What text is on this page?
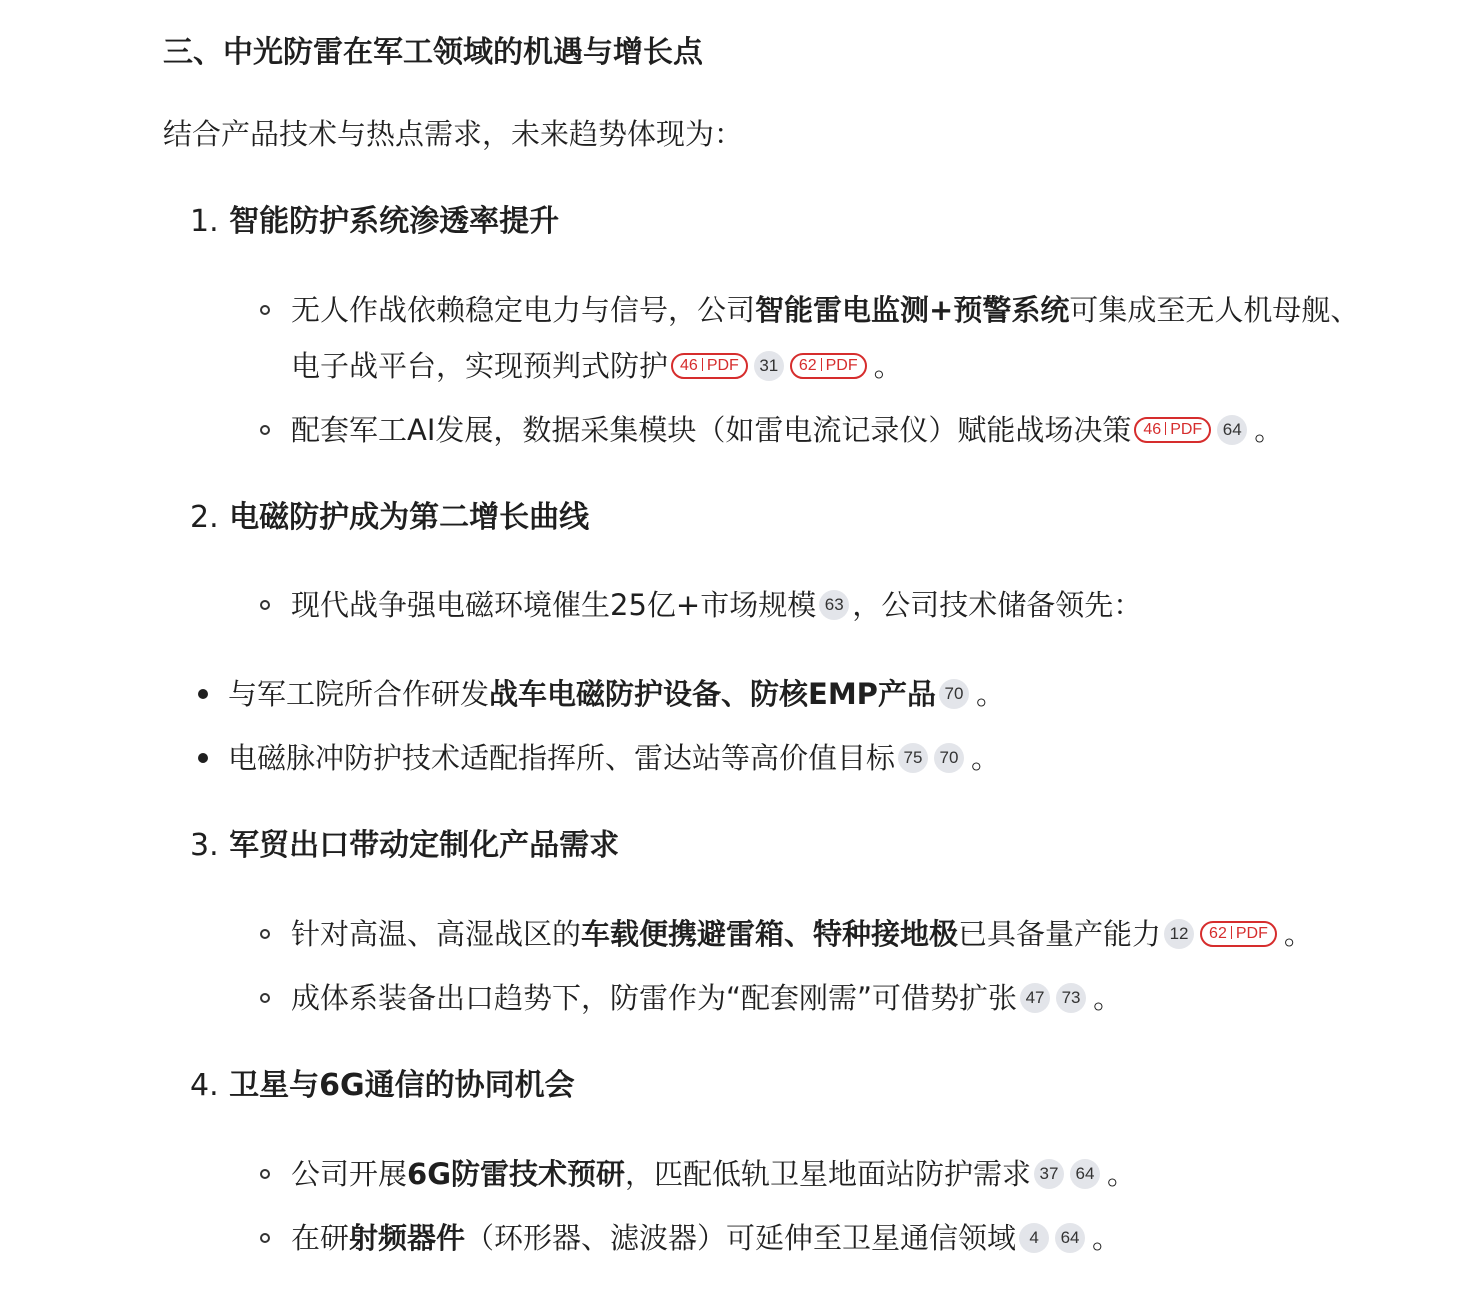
三、中光防雷在军工领域的机遇与增长点
结合产品技术与热点需求，未来趋势体现为：
1. 智能防护系统渗透率提升
无人作战依赖稳定电力与信号，公司智能雷电监测+预警系统可集成至无人机母舰、
电子战平台，实现预判式防护 46 PDF 31 62 PDF 。
配套军工AI发展，数据采集模块（如雷电流记录仪）赋能战场决策 46 PDF 64 。
2. 电磁防护成为第二增长曲线
现代战争强电磁环境催生25亿+市场规模 63 ，公司技术储备领先：
与军工院所合作研发战车电磁防护设备、防核EMP产品 70 。
电磁脉冲防护技术适配指挥所、雷达站等高价值目标 75 70 。
3. 军贸出口带动定制化产品需求
针对高温、高湿战区的车载便携避雷箱、特种接地极已具备量产能力 12 62 PDF 。
成体系装备出口趋势下，防雷作为“配套刚需”可借势扩张 47 73 。
4. 卫星与6G通信的协同机会
公司开展6G防雷技术预研，匹配低轨卫星地面站防护需求 37 64 。
在研射频器件（环形器、滤波器）可延伸至卫星通信领域 4 64 。
